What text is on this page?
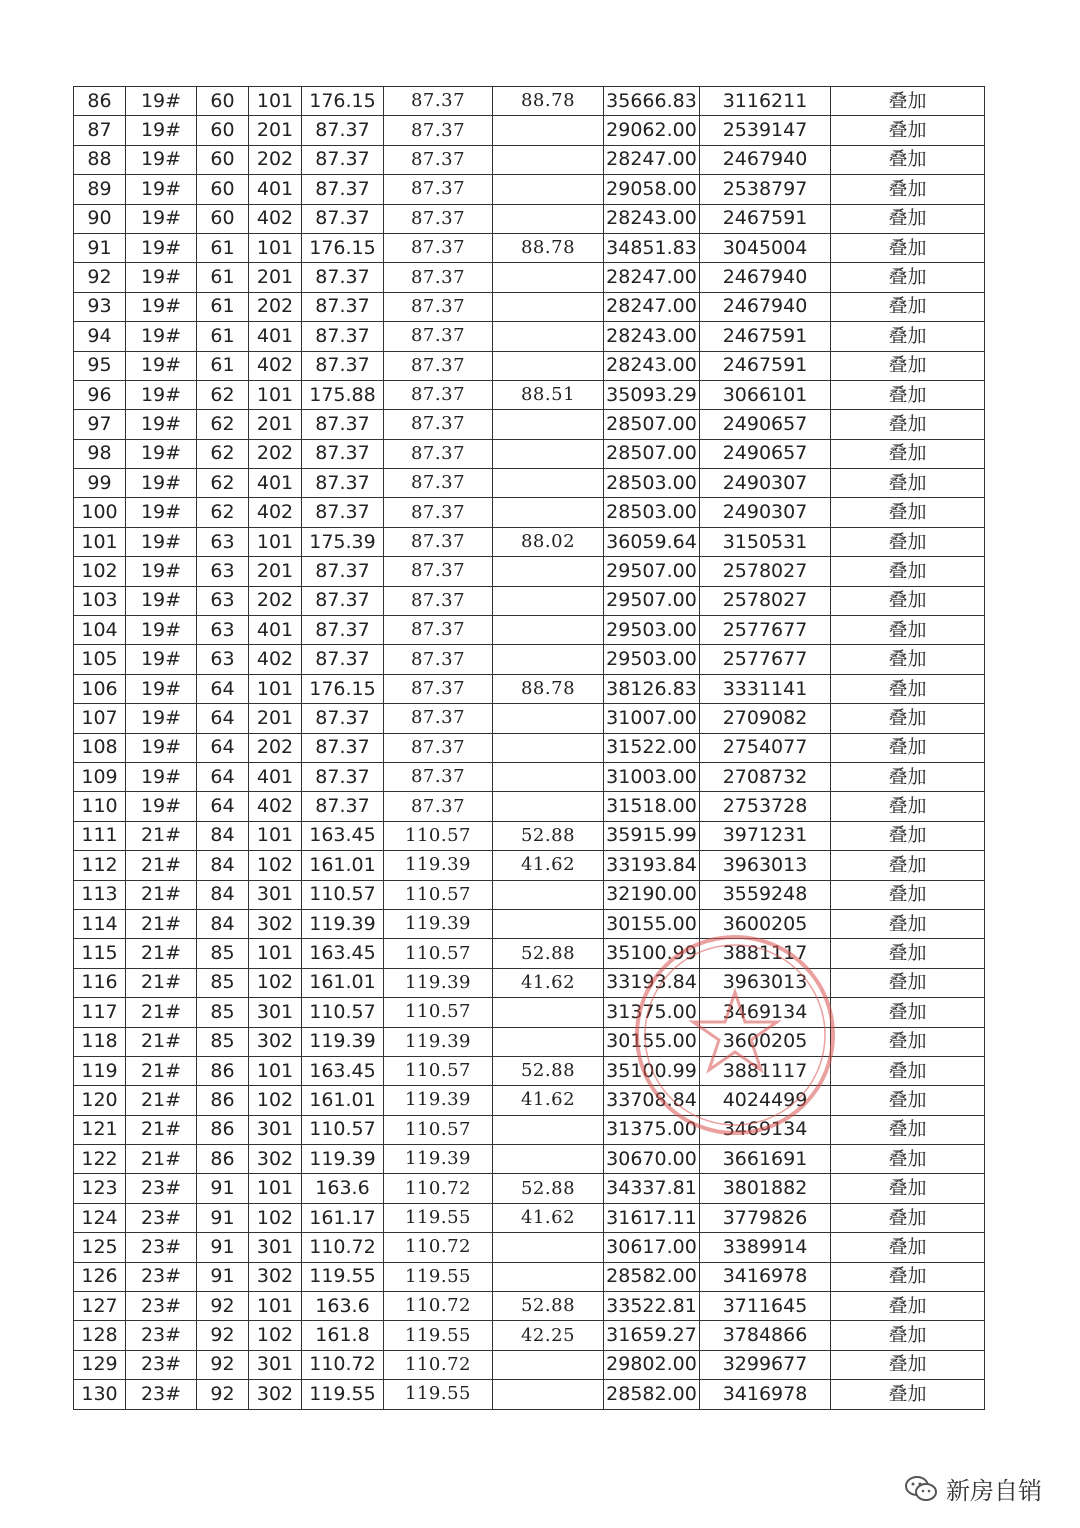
86	19#	60	101	176.15	87.37	88.78	35666.83	3116211	叠加
87	19#	60	201	87.37	87.37		29062.00	2539147	叠加
88	19#	60	202	87.37	87.37		28247.00	2467940	叠加
89	19#	60	401	87.37	87.37		29058.00	2538797	叠加
90	19#	60	402	87.37	87.37		28243.00	2467591	叠加
91	19#	61	101	176.15	87.37	88.78	34851.83	3045004	叠加
92	19#	61	201	87.37	87.37		28247.00	2467940	叠加
93	19#	61	202	87.37	87.37		28247.00	2467940	叠加
94	19#	61	401	87.37	87.37		28243.00	2467591	叠加
95	19#	61	402	87.37	87.37		28243.00	2467591	叠加
96	19#	62	101	175.88	87.37	88.51	35093.29	3066101	叠加
97	19#	62	201	87.37	87.37		28507.00	2490657	叠加
98	19#	62	202	87.37	87.37		28507.00	2490657	叠加
99	19#	62	401	87.37	87.37		28503.00	2490307	叠加
100	19#	62	402	87.37	87.37		28503.00	2490307	叠加
101	19#	63	101	175.39	87.37	88.02	36059.64	3150531	叠加
102	19#	63	201	87.37	87.37		29507.00	2578027	叠加
103	19#	63	202	87.37	87.37		29507.00	2578027	叠加
104	19#	63	401	87.37	87.37		29503.00	2577677	叠加
105	19#	63	402	87.37	87.37		29503.00	2577677	叠加
106	19#	64	101	176.15	87.37	88.78	38126.83	3331141	叠加
107	19#	64	201	87.37	87.37		31007.00	2709082	叠加
108	19#	64	202	87.37	87.37		31522.00	2754077	叠加
109	19#	64	401	87.37	87.37		31003.00	2708732	叠加
110	19#	64	402	87.37	87.37		31518.00	2753728	叠加
111	21#	84	101	163.45	110.57	52.88	35915.99	3971231	叠加
112	21#	84	102	161.01	119.39	41.62	33193.84	3963013	叠加
113	21#	84	301	110.57	110.57		32190.00	3559248	叠加
114	21#	84	302	119.39	119.39		30155.00	3600205	叠加
115	21#	85	101	163.45	110.57	52.88	35100.99	3881117	叠加
116	21#	85	102	161.01	119.39	41.62	33193.84	3963013	叠加
117	21#	85	301	110.57	110.57		31375.00	3469134	叠加
118	21#	85	302	119.39	119.39		30155.00	3600205	叠加
119	21#	86	101	163.45	110.57	52.88	35100.99	3881117	叠加
120	21#	86	102	161.01	119.39	41.62	33708.84	4024499	叠加
121	21#	86	301	110.57	110.57		31375.00	3469134	叠加
122	21#	86	302	119.39	119.39		30670.00	3661691	叠加
123	23#	91	101	163.6	110.72	52.88	34337.81	3801882	叠加
124	23#	91	102	161.17	119.55	41.62	31617.11	3779826	叠加
125	23#	91	301	110.72	110.72		30617.00	3389914	叠加
126	23#	91	302	119.55	119.55		28582.00	3416978	叠加
127	23#	92	101	163.6	110.72	52.88	33522.81	3711645	叠加
128	23#	92	102	161.8	119.55	42.25	31659.27	3784866	叠加
129	23#	92	301	110.72	110.72		29802.00	3299677	叠加
130	23#	92	302	119.55	119.55		28582.00	3416978	叠加
新房自销
